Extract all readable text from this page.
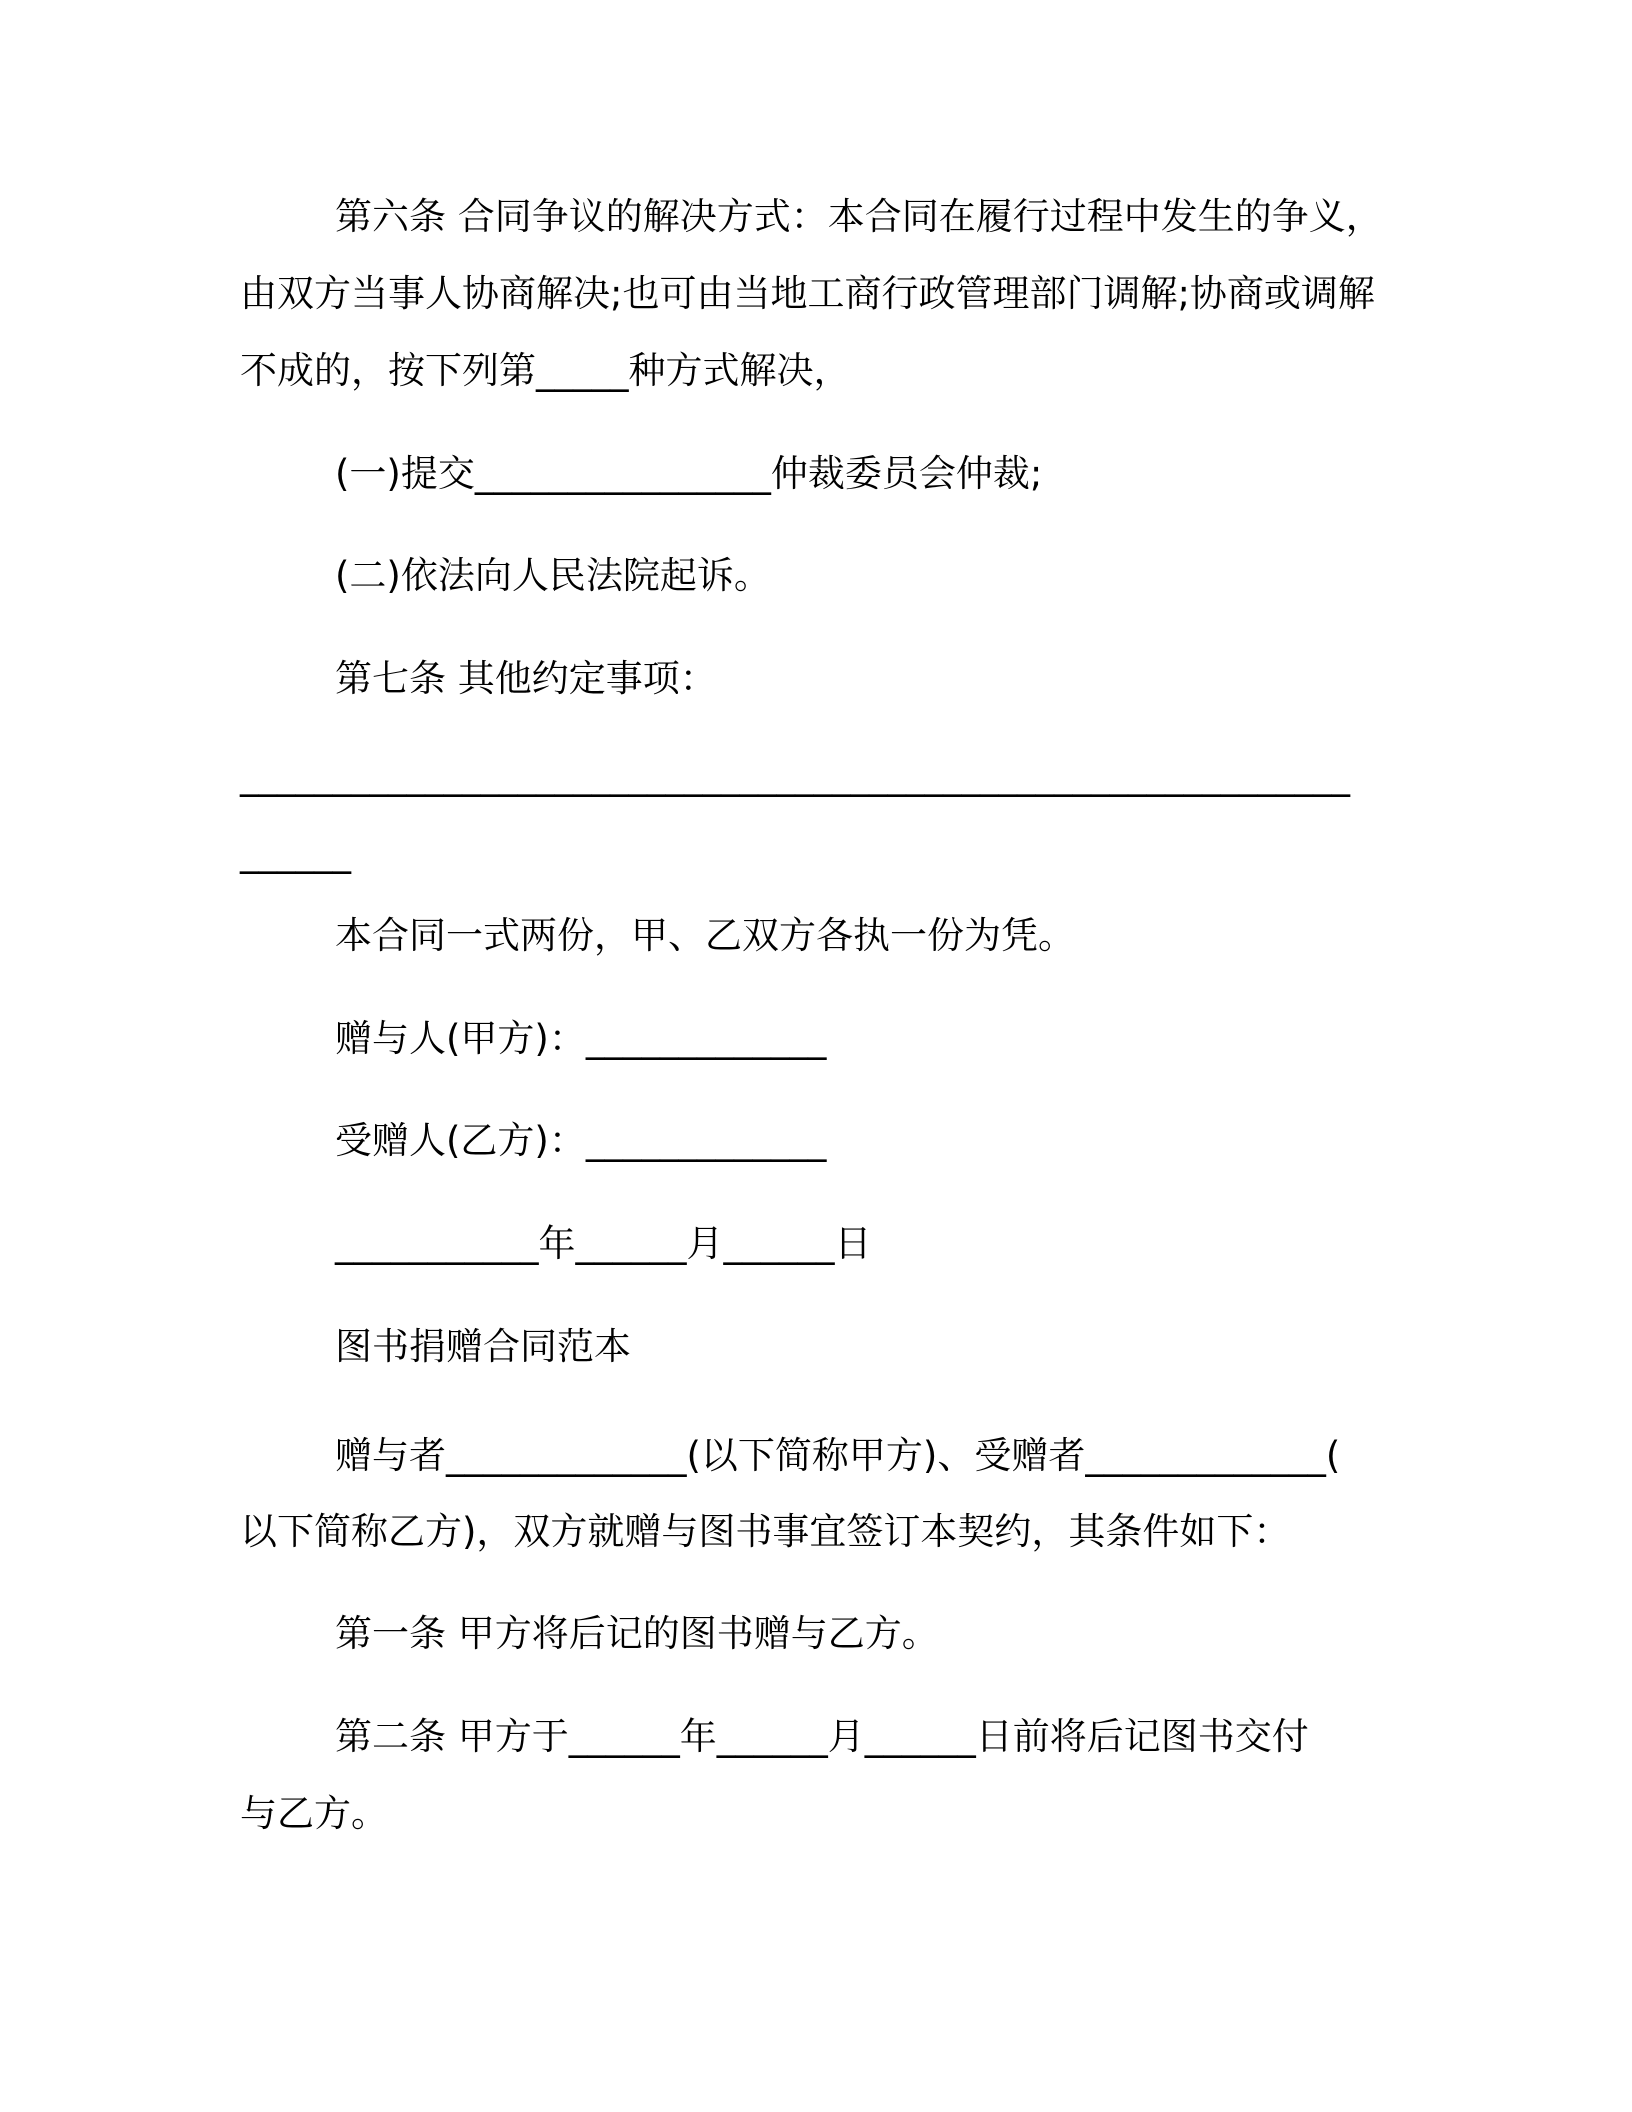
第六条 合同争议的解决方式：本合同在履行过程中发生的争义，
由双方当事人协商解决;也可由当地工商行政管理部门调解;协商或调解
不成的，按下列第_____种方式解决，
(一)提交________________仲裁委员会仲裁;
(二)依法向人民法院起诉。
第七条 其他约定事项：
____________________________________________________________
______
本合同一式两份，甲、乙双方各执一份为凭。
赠与人(甲方)：_____________
受赠人(乙方)：_____________
___________年______月______日
图书捐赠合同范本
赠与者_____________(以下简称甲方)、受赠者_____________(
以下简称乙方)，双方就赠与图书事宜签订本契约，其条件如下：
第一条 甲方将后记的图书赠与乙方。
第二条 甲方于______年______月______日前将后记图书交付
与乙方。
